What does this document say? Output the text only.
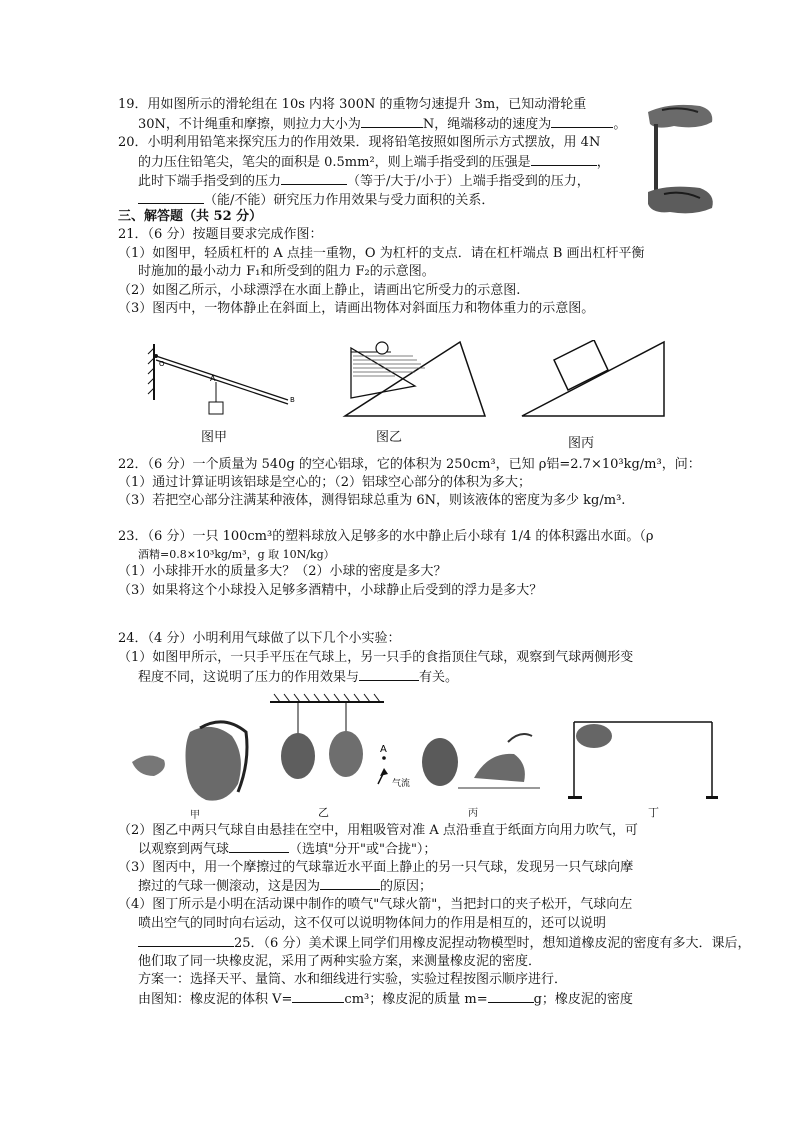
19．用如图所示的滑轮组在 10s 内将 300N 的重物匀速提升 3m，已知动滑轮重
30N，不计绳重和摩擦，则拉力大小为	N，绳端移动的速度为	。
20．小明利用铅笔来探究压力的作用效果．现将铅笔按照如图所示方式摆放，用 4N
的力压住铅笔尖，笔尖的面积是 0.5mm²，则上端手指受到的压强是	，
此时下端手指受到的压力	（等于/大于/小于）上端手指受到的压力，
（能/不能）研究压力作用效果与受力面积的关系．
三、解答题（共 52 分）
21．（6 分）按题目要求完成作图：
（1）如图甲，轻质杠杆的 A 点挂一重物，O 为杠杆的支点．请在杠杆端点 B 画出杠杆平衡
时施加的最小动力 F₁和所受到的阻力 F₂的示意图。
（2）如图乙所示，小球漂浮在水面上静止，请画出它所受力的示意图.
（3）图丙中，一物体静止在斜面上，请画出物体对斜面压力和物体重力的示意图。
A
O
B
图甲	图乙	图丙
22．（6 分）一个质量为 540g 的空心铝球，它的体积为 250cm³，已知 ρ铝=2.7×10³kg/m³，问：
（1）通过计算证明该铝球是空心的；（2）铝球空心部分的体积为多大；
（3）若把空心部分注满某种液体，测得铝球总重为 6N，则该液体的密度为多少 kg/m³.
23．（6 分）一只 100cm³的塑料球放入足够多的水中静止后小球有 1/4 的体积露出水面。（ρ
酒精=0.8×10³kg/m³，g 取 10N/kg）
（1）小球排开水的质量多大？（2）小球的密度是多大？
（3）如果将这个小球投入足够多酒精中，小球静止后受到的浮力是多大？
24．（4 分）小明利用气球做了以下几个小实验：
（1）如图甲所示，一只手平压在气球上，另一只手的食指顶住气球，观察到气球两侧形变
程度不同，这说明了压力的作用效果与	有关。
A
气流
甲	乙	丙	丁
（2）图乙中两只气球自由悬挂在空中，用粗吸管对准 A 点沿垂直于纸面方向用力吹气，可
以观察到两气球	（选填"分开"或"合拢"）；
（3）图丙中，用一个摩擦过的气球靠近水平面上静止的另一只气球，发现另一只气球向摩
擦过的气球一侧滚动，这是因为	的原因；
（4）图丁所示是小明在活动课中制作的喷气"气球火箭"，当把封口的夹子松开，气球向左
喷出空气的同时向右运动，这不仅可以说明物体间力的作用是相互的，还可以说明
25．（6 分）美术课上同学们用橡皮泥捏动物模型时，想知道橡皮泥的密度有多大．课后，
他们取了同一块橡皮泥，采用了两种实验方案，来测量橡皮泥的密度．
方案一：选择天平、量筒、水和细线进行实验，实验过程按图示顺序进行．
由图知：橡皮泥的体积 V=	cm³；橡皮泥的质量 m=	g；橡皮泥的密度
